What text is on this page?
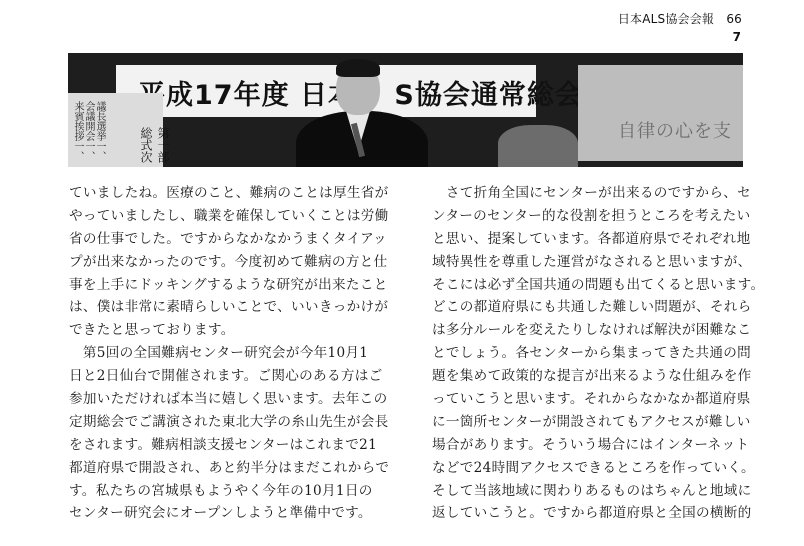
日本ALS協会会報　66
7
平成17年度 日本　 S協会通常総会
議長選挙一、会議開会一、来賓挨拶一、	第一部総式次	自律の心を支
ていましたね。医療のこと、難病のことは厚生省が
やっていましたし、職業を確保していくことは労働
省の仕事でした。ですからなかなかうまくタイアッ
プが出来なかったのです。今度初めて難病の方と仕
事を上手にドッキングするような研究が出来たこと
は、僕は非常に素晴らしいことで、いいきっかけが
できたと思っております。
　第5回の全国難病センター研究会が今年10月1
日と2日仙台で開催されます。ご関心のある方はご
参加いただければ本当に嬉しく思います。去年この
定期総会でご講演された東北大学の糸山先生が会長
をされます。難病相談支援センターはこれまで21
都道府県で開設され、あと約半分はまだこれからで
す。私たちの宮城県もようやく今年の10月1日の
センター研究会にオープンしようと準備中です。
　さて折角全国にセンターが出来るのですから、セ
ンターのセンター的な役割を担うところを考えたい
と思い、提案しています。各都道府県でそれぞれ地
域特異性を尊重した運営がなされると思いますが、
そこには必ず全国共通の問題も出てくると思います。
どこの都道府県にも共通した難しい問題が、それら
は多分ルールを変えたりしなければ解決が困難なこ
とでしょう。各センターから集まってきた共通の問
題を集めて政策的な提言が出来るような仕組みを作
っていこうと思います。それからなかなか都道府県
に一箇所センターが開設されてもアクセスが難しい
場合があります。そういう場合にはインターネット
などで24時間アクセスできるところを作っていく。
そして当該地域に関わりあるものはちゃんと地域に
返していこうと。ですから都道府県と全国の横断的
